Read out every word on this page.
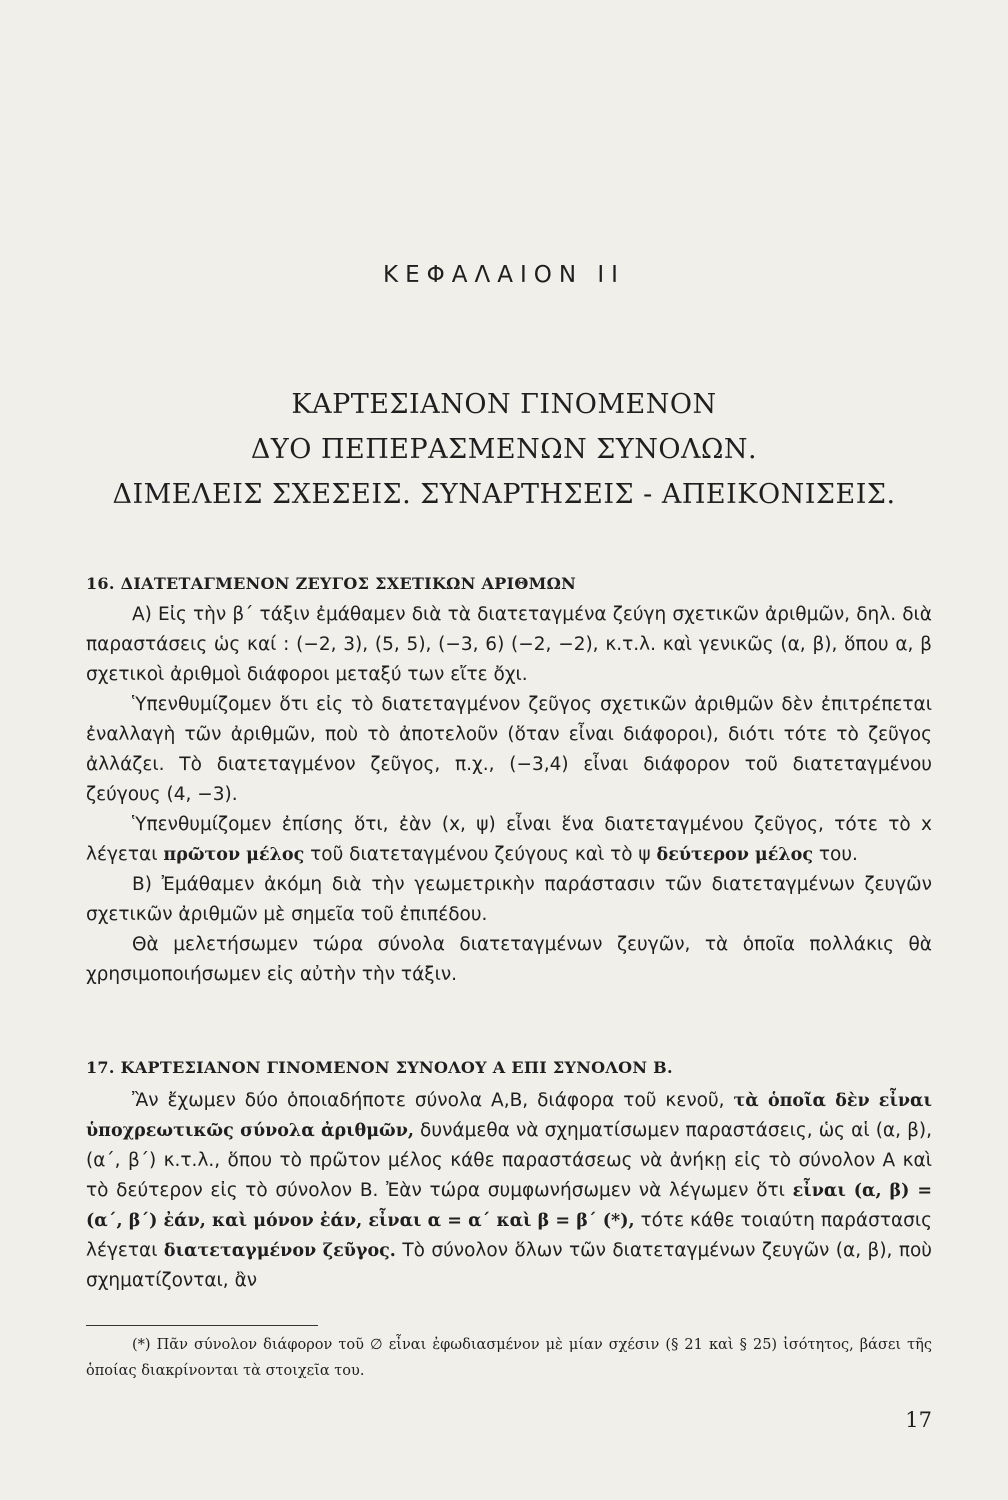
ΚΕΦΑΛΑΙΟΝ ΙΙ
ΚΑΡΤΕΣΙΑΝΟΝ ΓΙΝΟΜΕΝΟΝ
ΔΥΟ ΠΕΠΕΡΑΣΜΕΝΩΝ ΣΥΝΟΛΩΝ.
ΔΙΜΕΛΕΙΣ ΣΧΕΣΕΙΣ. ΣΥΝΑΡΤΗΣΕΙΣ - ΑΠΕΙΚΟΝΙΣΕΙΣ.
16. ΔΙΑΤΕΤΑΓΜΕΝΟΝ ΖΕΥΓΟΣ ΣΧΕΤΙΚΩΝ ΑΡΙΘΜΩΝ

Α) Εἰς τὴν β΄ τάξιν ἐμάθαμεν διὰ τὰ διατεταγμένα ζεύγη σχετικῶν ἀριθμῶν, δηλ. διὰ παραστάσεις ὡς καί : (−2, 3), (5, 5), (−3, 6) (−2, −2), κ.τ.λ. καὶ γενικῶς (α, β), ὅπου α, β σχετικοὶ ἀριθμοὶ διάφοροι μεταξύ των εἴτε ὄχι.

Ὑπενθυμίζομεν ὅτι εἰς τὸ διατεταγμένον ζεῦγος σχετικῶν ἀριθμῶν δὲν ἐπιτρέπεται ἐναλλαγὴ τῶν ἀριθμῶν, ποὺ τὸ ἀποτελοῦν (ὅταν εἶναι διάφοροι), διότι τότε τὸ ζεῦγος ἀλλάζει. Τὸ διατεταγμένον ζεῦγος, π.χ., (−3,4) εἶναι διάφορον τοῦ διατεταγμένου ζεύγους (4, −3).

Ὑπενθυμίζομεν ἐπίσης ὅτι, ἐὰν (x, ψ) εἶναι ἕνα διατεταγμένου ζεῦγος, τότε τὸ x λέγεται πρῶτον μέλος τοῦ διατεταγμένου ζεύγους καὶ τὸ ψ δεύτερον μέλος του.

Β) Ἐμάθαμεν ἀκόμη διὰ τὴν γεωμετρικὴν παράστασιν τῶν διατεταγμένων ζευγῶν σχετικῶν ἀριθμῶν μὲ σημεῖα τοῦ ἐπιπέδου.

Θὰ μελετήσωμεν τώρα σύνολα διατεταγμένων ζευγῶν, τὰ ὁποῖα πολλάκις θὰ χρησιμοποιήσωμεν εἰς αὐτὴν τὴν τάξιν.

17. ΚΑΡΤΕΣΙΑΝΟΝ ΓΙΝΟΜΕΝΟΝ ΣΥΝΟΛΟΥ Α ΕΠΙ ΣΥΝΟΛΟΝ Β.

Ἂν ἔχωμεν δύο ὁποιαδήποτε σύνολα Α,Β, διάφορα τοῦ κενοῦ, τὰ ὁποῖα δὲν εἶναι ὑποχρεωτικῶς σύνολα ἀριθμῶν, δυνάμεθα νὰ σχηματίσωμεν παραστάσεις, ὡς αἱ (α, β), (α΄, β΄) κ.τ.λ., ὅπου τὸ πρῶτον μέλος κάθε παραστάσεως νὰ ἀνήκῃ εἰς τὸ σύνολον Α καὶ τὸ δεύτερον εἰς τὸ σύνολον Β. Ἐὰν τώρα συμφωνήσωμεν νὰ λέγωμεν ὅτι εἶναι (α, β) = (α΄, β΄) ἐάν, καὶ μόνον ἐάν, εἶναι α = α΄ καὶ β = β΄ (*), τότε κάθε τοιαύτη παράστασις λέγεται διατεταγμένον ζεῦγος. Τὸ σύνολον ὅλων τῶν διατεταγμένων ζευγῶν (α, β), ποὺ σχηματίζονται, ἂν

(*) Πᾶν σύνολον διάφορον τοῦ ∅ εἶναι ἐφωδιασμένον μὲ μίαν σχέσιν (§ 21 καὶ § 25) ἰσότητος, βάσει τῆς ὁποίας διακρίνονται τὰ στοιχεῖα του.
17
